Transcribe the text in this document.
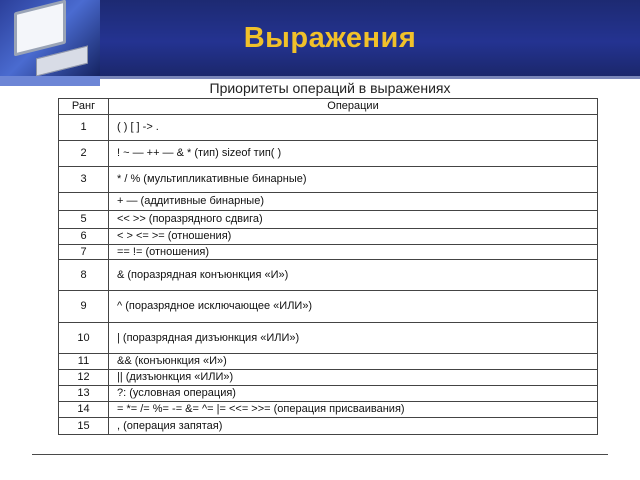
Выражения
Приоритеты операций в выражениях
Ранг	Операции
1	( ) [ ] -> .
2	! ~ — ++ — & * (тип) sizeof тип( )
3	* / % (мультипликативные бинарные)
	+ — (аддитивные бинарные)
5	<< >> (поразрядного сдвига)
6	< > <= >= (отношения)
7	== != (отношения)
8	& (поразрядная конъюнкция «И»)
9	^ (поразрядное исключающее «ИЛИ»)
10	| (поразрядная дизъюнкция «ИЛИ»)
11	&& (конъюнкция «И»)
12	|| (дизъюнкция «ИЛИ»)
13	?: (условная операция)
14	= *= /= %= -= &= ^= |= <<= >>= (операция присваивания)
15	, (операция запятая)
